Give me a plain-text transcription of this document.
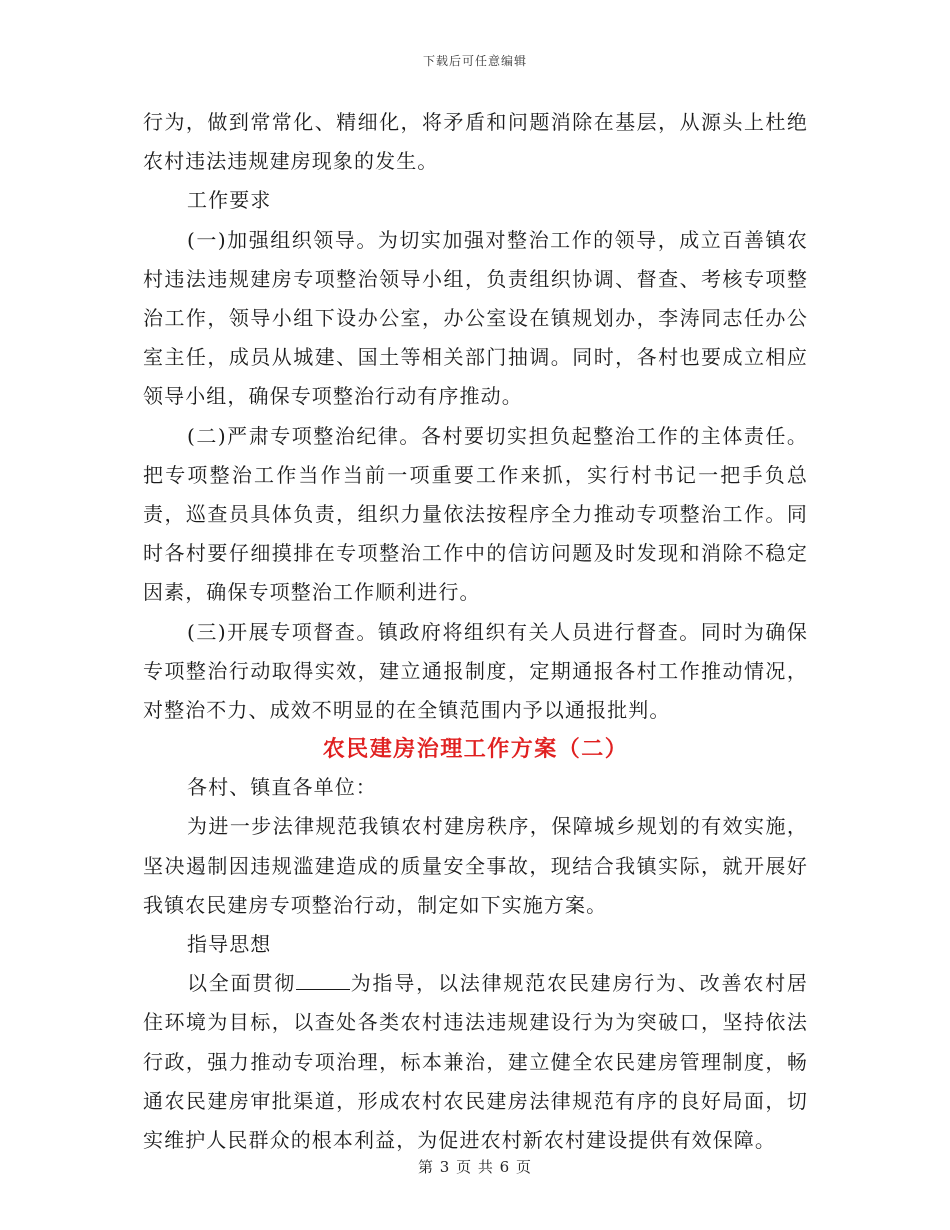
下载后可任意编辑

行为，做到常常化、精细化，将矛盾和问题消除在基层，从源头上杜绝农村违法违规建房现象的发生。

工作要求

(一)加强组织领导。为切实加强对整治工作的领导，成立百善镇农村违法违规建房专项整治领导小组，负责组织协调、督查、考核专项整治工作，领导小组下设办公室，办公室设在镇规划办，李涛同志任办公室主任，成员从城建、国土等相关部门抽调。同时，各村也要成立相应领导小组，确保专项整治行动有序推动。

(二)严肃专项整治纪律。各村要切实担负起整治工作的主体责任。把专项整治工作当作当前一项重要工作来抓，实行村书记一把手负总责，巡查员具体负责，组织力量依法按程序全力推动专项整治工作。同时各村要仔细摸排在专项整治工作中的信访问题及时发现和消除不稳定因素，确保专项整治工作顺利进行。

(三)开展专项督查。镇政府将组织有关人员进行督查。同时为确保专项整治行动取得实效，建立通报制度，定期通报各村工作推动情况，对整治不力、成效不明显的在全镇范围内予以通报批判。

农民建房治理工作方案（二）

各村、镇直各单位：

为进一步法律规范我镇农村建房秩序，保障城乡规划的有效实施，坚决遏制因违规滥建造成的质量安全事故，现结合我镇实际，就开展好我镇农民建房专项整治行动，制定如下实施方案。

指导思想

以全面贯彻	为指导，以法律规范农民建房行为、改善农村居住环境为目标，以查处各类农村违法违规建设行为为突破口，坚持依法行政，强力推动专项治理，标本兼治，建立健全农民建房管理制度，畅通农民建房审批渠道，形成农村农民建房法律规范有序的良好局面，切实维护人民群众的根本利益，为促进农村新农村建设提供有效保障。

第 3 页 共 6 页
